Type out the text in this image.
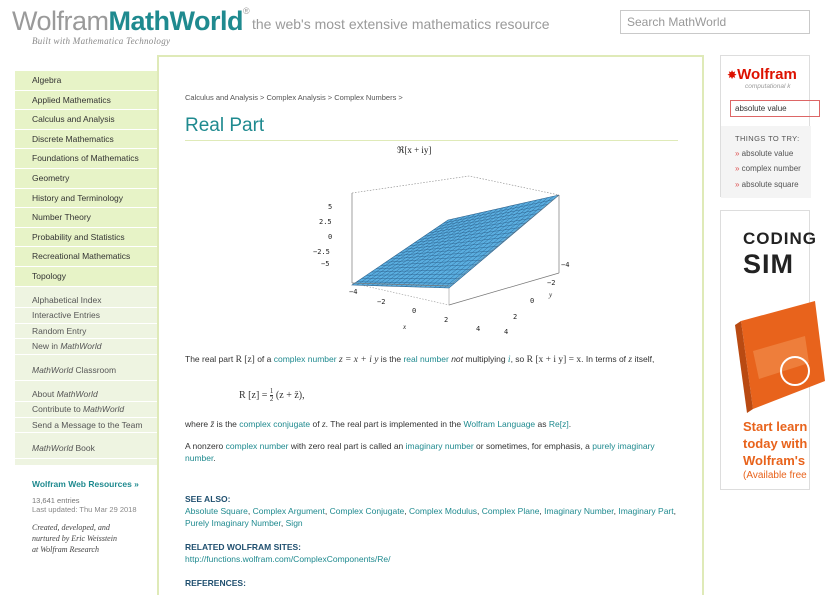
WolframMathWorld®
Built with Mathematica Technology
the web's most extensive mathematics resource	Search MathWorld
Algebra
Applied Mathematics
Calculus and Analysis
Discrete Mathematics
Foundations of Mathematics
Geometry
History and Terminology
Number Theory
Probability and Statistics
Recreational Mathematics
Topology
Alphabetical Index
Interactive Entries
Random Entry
New in MathWorld
MathWorld Classroom
About MathWorld
Contribute to MathWorld
Send a Message to the Team
MathWorld Book
Wolfram Web Resources »
13,641 entries
Last updated: Thu Mar 29 2018
Created, developed, and
nurtured by Eric Weisstein
at Wolfram Research
Calculus and Analysis > Complex Analysis > Complex Numbers >
Real Part
ℜ[x + iy]
5
2.5
0
−2.5
−5
−4
−2
0
2
4
x
−4
−2
0
2
4
y
The real part R [z] of a complex number z = x + i y is the real number not multiplying i, so R [x + i y] = x. In terms of z itself,
R $[z] = \frac{1}{2} (z$ + z̄),
where z̄ is the complex conjugate of z. The real part is implemented in the Wolfram Language as Re[z].
A nonzero complex number with zero real part is called an imaginary number or sometimes, for emphasis, a purely imaginary number.
SEE ALSO:
Absolute Square, Complex Argument, Complex Conjugate, Complex Modulus, Complex Plane, Imaginary Number, Imaginary Part, Purely Imaginary Number, Sign
RELATED WOLFRAM SITES:
http://functions.wolfram.com/ComplexComponents/Re/
REFERENCES:
✸Wolfram
computational k
absolute value
THINGS TO TRY:
» absolute value
» complex number
» absolute square
CODING
SIM
Start learn
today with
Wolfram's
(Available free
